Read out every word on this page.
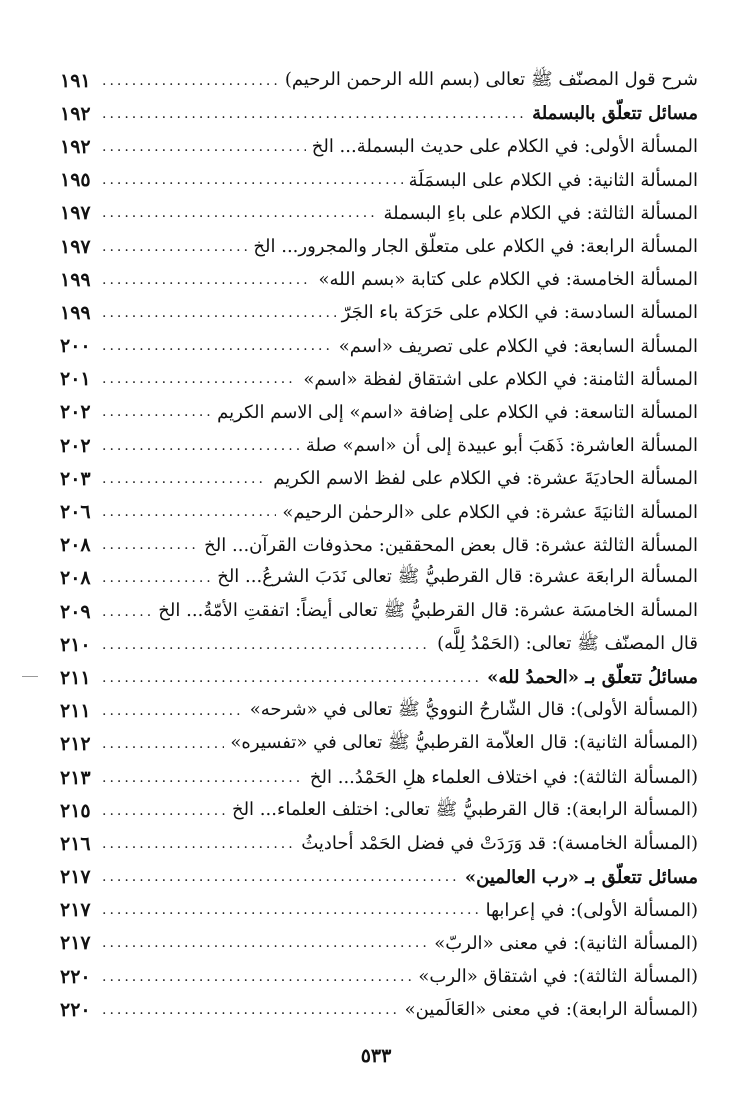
شرح قول المصنّف ﷺ تعالى (بسم الله الرحمن الرحيم)
.....
١٩١
مسائل تتعلّق بالبسملة
.....
١٩٢
المسألة الأولى: في الكلام على حديث البسملة... الخ
.....
١٩٢
المسألة الثانية: في الكلام على البسمَلَة
.....
١٩٥
المسألة الثالثة: في الكلام على باءِ البسملة
.....
١٩٧
المسألة الرابعة: في الكلام على متعلّق الجار والمجرور... الخ
.....
١٩٧
المسألة الخامسة: في الكلام على كتابة «بسم الله»
.....
١٩٩
المسألة السادسة: في الكلام على حَرَكة باء الجَرّ
.....
١٩٩
المسألة السابعة: في الكلام على تصريف «اسم»
.....
٢٠٠
المسألة الثامنة: في الكلام على اشتقاق لفظة «اسم»
.....
٢٠١
المسألة التاسعة: في الكلام على إضافة «اسم» إلى الاسم الكريم
.....
٢٠٢
المسألة العاشرة: ذَهَبَ أبو عبيدة إلى أن «اسم» صلة
.....
٢٠٢
المسألة الحاديَةَ عشرة: في الكلام على لفظ الاسم الكريم
.....
٢٠٣
المسألة الثانيَةَ عشرة: في الكلام على «الرحمٰن الرحيم»
.....
٢٠٦
المسألة الثالثة عشرة: قال بعض المحققين: محذوفات القرآن... الخ
.....
٢٠٨
المسألة الرابعَة عشرة: قال القرطبيُّ ﷺ تعالى نَدَبَ الشرعُ... الخ
.....
٢٠٨
المسألة الخامسَة عشرة: قال القرطبيُّ ﷺ تعالى أيضاً: اتفقتِ الأمّةُ... الخ
.....
٢٠٩
قال المصنّف ﷺ تعالى: (الحَمْدُ لِلَّه)
.....
٢١٠
مسائلُ تتعلّق بـ «الحمدُ لله»
.....
٢١١
(المسألة الأولى): قال الشّارحُ النوويُّ ﷺ تعالى في «شرحه»
.....
٢١١
(المسألة الثانية): قال العلاّمة القرطبيُّ ﷺ تعالى في «تفسيره»
.....
٢١٢
(المسألة الثالثة): في اختلاف العلماء هلِ الحَمْدُ... الخ
.....
٢١٣
(المسألة الرابعة): قال القرطبيُّ ﷺ تعالى: اختلف العلماء... الخ
.....
٢١٥
(المسألة الخامسة): قد وَرَدَتْ في فضل الحَمْد أحاديثُ
.....
٢١٦
مسائل تتعلّق بـ «رب العالمين»
.....
٢١٧
(المسألة الأولى): في إعرابها
.....
٢١٧
(المسألة الثانية): في معنى «الربّ»
.....
٢١٧
(المسألة الثالثة): في اشتقاق «الرب»
.....
٢٢٠
(المسألة الرابعة): في معنى «العَالَمين»
.....
٢٢٠
٥٣٣
